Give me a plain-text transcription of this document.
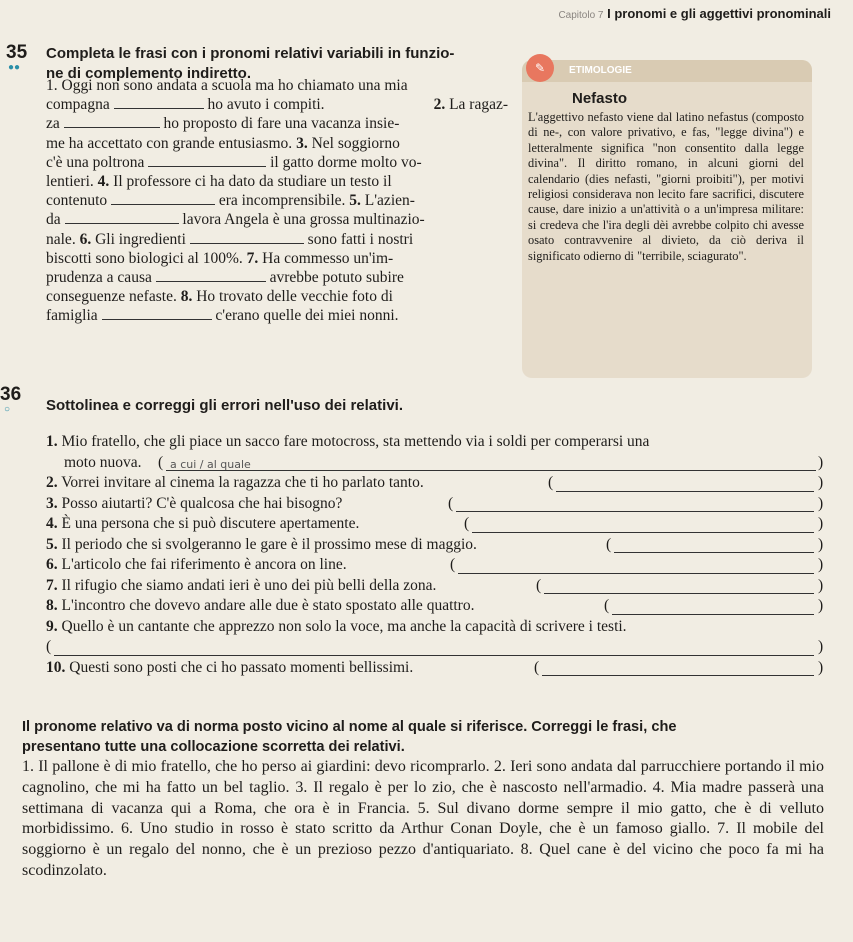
Capitolo 7 I pronomi e gli aggettivi pronominali
35
●●
Completa le frasi con i pronomi relativi variabili in funzio-
ne di complemento indiretto.
1. Oggi non sono andata a scuola ma ho chiamato una mia
compagna	ho avuto i compiti.	2. La ragaz-
za	ho proposto di fare una vacanza insie-
me ha accettato con grande entusiasmo. 3. Nel soggiorno
c'è una poltrona	il gatto dorme molto vo-
lentieri. 4. Il professore ci ha dato da studiare un testo il
contenuto	era incomprensibile. 5. L'azien-
da	lavora Angela è una grossa multinazio-
nale. 6. Gli ingredienti	sono fatti i nostri
biscotti sono biologici al 100%. 7. Ha commesso un'im-
prudenza a causa	avrebbe potuto subire
conseguenze nefaste. 8. Ho trovato delle vecchie foto di
famiglia	c'erano quelle dei miei nonni.
ETIMOLOGIE
✎
Nefasto
L'aggettivo nefasto viene dal latino nefastus (composto di ne-, con valore privativo, e fas, "legge divina") e letteralmente significa "non consentito dalla legge divina". Il diritto romano, in alcuni giorni del calendario (dies nefasti, "giorni proibiti"), per motivi religiosi considerava non lecito fare sacrifici, discutere cause, dare inizio a un'attività o a un'impresa militare: si credeva che l'ira degli dèi avrebbe colpito chi avesse osato contravvenire al divieto, da ciò deriva il significato odierno di "terribile, sciagurato".
36
○ Sottolinea e correggi gli errori nell'uso dei relativi.
1. Mio fratello, che gli piace un sacco fare motocross, sta mettendo via i soldi per comperarsi una
moto nuova. ( a cui / al quale	)
2. Vorrei invitare al cinema la ragazza che ti ho parlato tanto.	(	)
3. Posso aiutarti? C'è qualcosa che hai bisogno?	(	)
4. È una persona che si può discutere apertamente.	(	)
5. Il periodo che si svolgeranno le gare è il prossimo mese di maggio.	(	)
6. L'articolo che fai riferimento è ancora on line.	(	)
7. Il rifugio che siamo andati ieri è uno dei più belli della zona.	(	)
8. L'incontro che dovevo andare alle due è stato spostato alle quattro.	(	)
9. Quello è un cantante che apprezzo non solo la voce, ma anche la capacità di scrivere i testi.
(	)
10. Questi sono posti che ci ho passato momenti bellissimi.	(	)
Il pronome relativo va di norma posto vicino al nome al quale si riferisce. Correggi le frasi, che
presentano tutte una collocazione scorretta dei relativi.
1. Il pallone è di mio fratello, che ho perso ai giardini: devo ricomprarlo. 2. Ieri sono andata dal parrucchiere portando il mio cagnolino, che mi ha fatto un bel taglio. 3. Il regalo è per lo zio, che è nascosto nell'armadio. 4. Mia madre passerà una settimana di vacanza qui a Roma, che ora è in Francia. 5. Sul divano dorme sempre il mio gatto, che è di velluto morbidissimo. 6. Uno studio in rosso è stato scritto da Arthur Conan Doyle, che è un famoso giallo. 7. Il mobile del soggiorno è un regalo del nonno, che è un prezioso pezzo d'antiquariato. 8. Quel cane è del vicino che poco fa mi ha scodinzolato.
